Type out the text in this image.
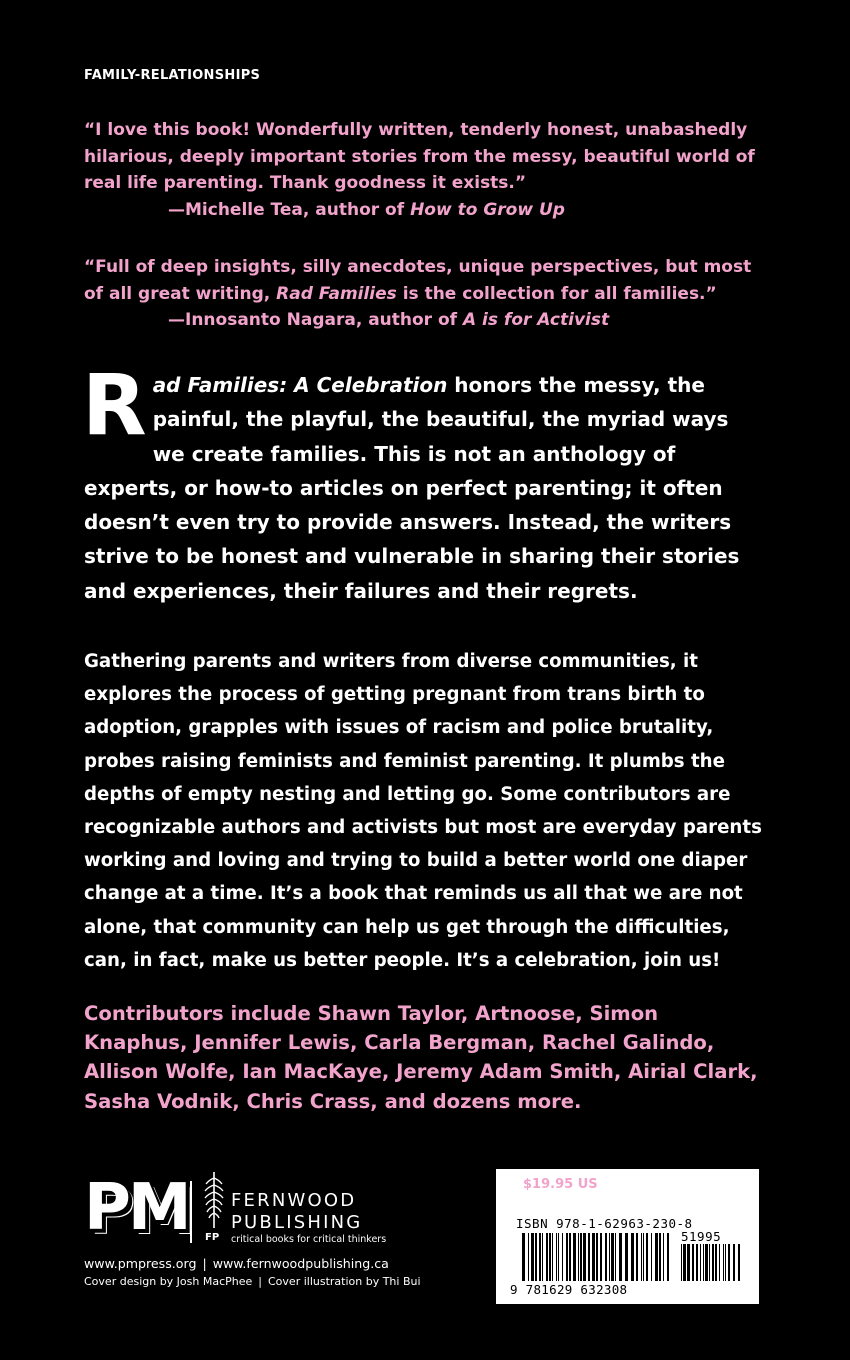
FAMILY-RELATIONSHIPS

“I love this book! Wonderfully written, tenderly honest, unabashedly hilarious, deeply important stories from the messy, beautiful world of real life parenting. Thank goodness it exists.”

—Michelle Tea, author of How to Grow Up

“Full of deep insights, silly anecdotes, unique perspectives, but most of all great writing, Rad Families is the collection for all families.”

—Innosanto Nagara, author of A is for Activist

Rad Families: A Celebration honors the messy, the painful, the playful, the beautiful, the myriad ways we create families. This is not an anthology of experts, or how-to articles on perfect parenting; it often doesn’t even try to provide answers. Instead, the writers strive to be honest and vulnerable in sharing their stories and experiences, their failures and their regrets.

Gathering parents and writers from diverse communities, it explores the process of getting pregnant from trans birth to adoption, grapples with issues of racism and police brutality, probes raising feminists and feminist parenting. It plumbs the depths of empty nesting and letting go. Some contributors are recognizable authors and activists but most are everyday parents working and loving and trying to build a better world one diaper change at a time. It’s a book that reminds us all that we are not alone, that community can help us get through the difficulties, can, in fact, make us better people. It’s a celebration, join us!

Contributors include Shawn Taylor, Artnoose, Simon Knaphus, Jennifer Lewis, Carla Bergman, Rachel Galindo, Allison Wolfe, Ian MacKaye, Jeremy Adam Smith, Airial Clark, Sasha Vodnik, Chris Crass, and dozens more.

PM FP
FERNWOOD
PUBLISHING
critical books for critical thinkers
www.pmpress.org | www.fernwoodpublishing.ca
Cover design by Josh MacPhee | Cover illustration by Thi Bui
$19.95 US
ISBN 978-1-62963-230-8
51995
9 781629 632308
